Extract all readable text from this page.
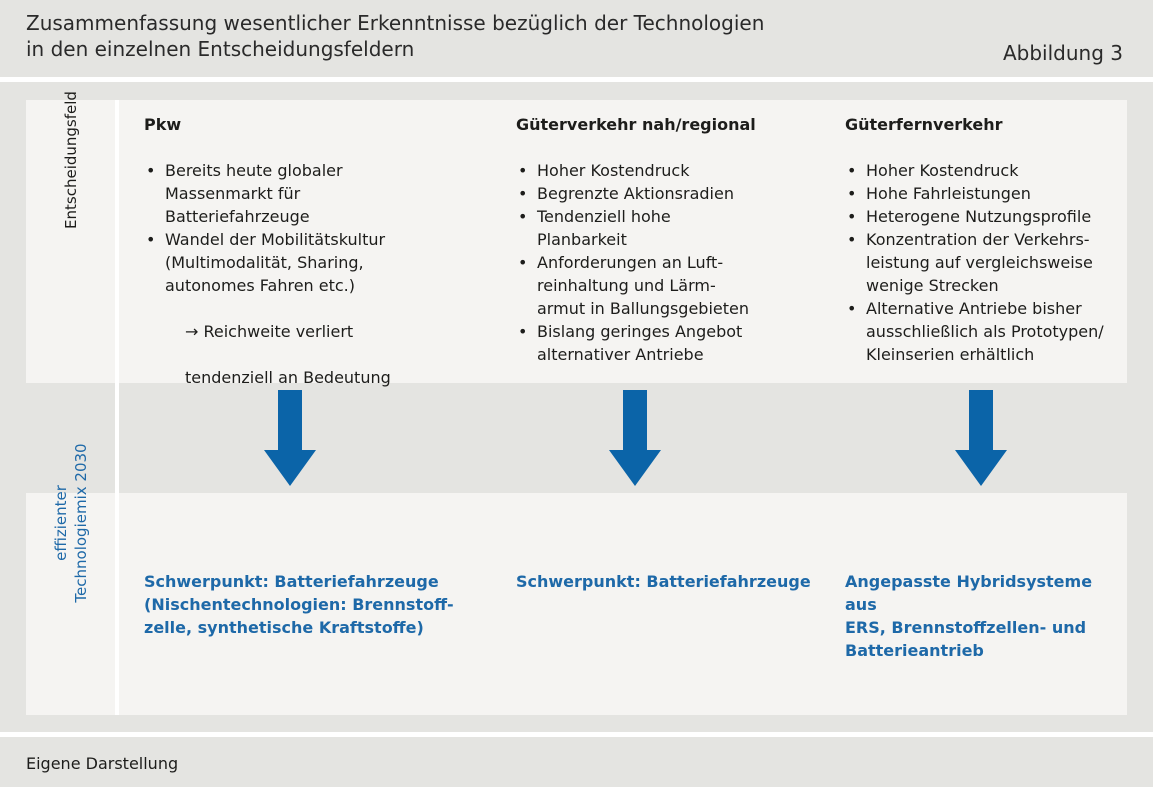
Zusammenfassung wesentlicher Erkenntnisse bezüglich der Technologien
in den einzelnen Entscheidungsfeldern	Abbildung 3
Entscheidungsfeld
effizienter Technologiemix 2030
Pkw
• Bereits heute globaler
Massenmarkt für
Batteriefahrzeuge
• Wandel der Mobilitätskultur
(Multimodalität, Sharing,
autonomes Fahren etc.)

→ Reichweite verliert

tendenziell an Bedeutung

Güterverkehr nah/regional
• Hoher Kostendruck
• Begrenzte Aktionsradien
• Tendenziell hohe
Planbarkeit
• Anforderungen an Luft-
reinhaltung und Lärm-
armut in Ballungsgebieten
• Bislang geringes Angebot
alternativer Antriebe
Güterfernverkehr
• Hoher Kostendruck
• Hohe Fahrleistungen
• Heterogene Nutzungsprofile
• Konzentration der Verkehrs-
leistung auf vergleichsweise
wenige Strecken
• Alternative Antriebe bisher
ausschließlich als Prototypen/
Kleinserien erhältlich
Schwerpunkt: Batteriefahrzeuge
(Nischentechnologien: Brennstoff-
zelle, synthetische Kraftstoffe)
Schwerpunkt: Batteriefahrzeuge	Angepasste Hybridsysteme aus
ERS, Brennstoffzellen- und
Batterieantrieb
Eigene Darstellung
